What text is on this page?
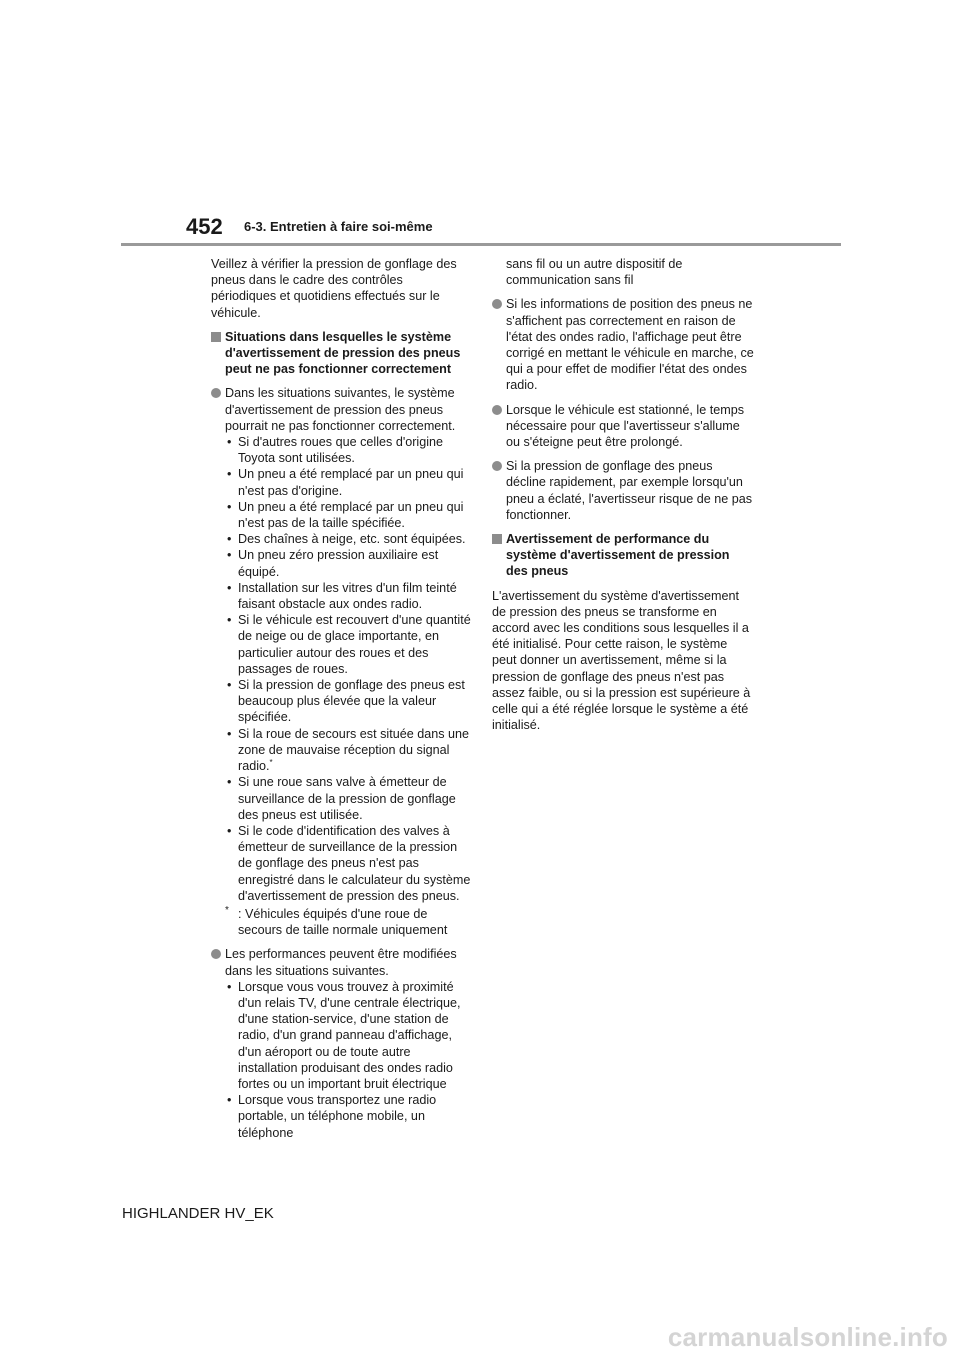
452 6-3. Entretien à faire soi-même

Veillez à vérifier la pression de gonflage des pneus dans le cadre des contrôles périodiques et quotidiens effectués sur le véhicule.

Situations dans lesquelles le système d'avertissement de pression des pneus peut ne pas fonctionner correctement

Dans les situations suivantes, le système d'avertissement de pression des pneus pourrait ne pas fonctionner correctement.

• Si d'autres roues que celles d'origine Toyota sont utilisées.
• Un pneu a été remplacé par un pneu qui n'est pas d'origine.
• Un pneu a été remplacé par un pneu qui n'est pas de la taille spécifiée.
• Des chaînes à neige, etc. sont équipées.
• Un pneu zéro pression auxiliaire est équipé.
• Installation sur les vitres d'un film teinté faisant obstacle aux ondes radio.
• Si le véhicule est recouvert d'une quantité de neige ou de glace importante, en particulier autour des roues et des passages de roues.
• Si la pression de gonflage des pneus est beaucoup plus élevée que la valeur spécifiée.
• Si la roue de secours est située dans une zone de mauvaise réception du signal radio.*
• Si une roue sans valve à émetteur de surveillance de la pression de gonflage des pneus est utilisée.
• Si le code d'identification des valves à émetteur de surveillance de la pression de gonflage des pneus n'est pas enregistré dans le calculateur du système d'avertissement de pression des pneus.
* : Véhicules équipés d'une roue de secours de taille normale uniquement

Les performances peuvent être modifiées dans les situations suivantes.

• Lorsque vous vous trouvez à proximité d'un relais TV, d'une centrale électrique, d'une station-service, d'une station de radio, d'un grand panneau d'affichage, d'un aéroport ou de toute autre installation produisant des ondes radio fortes ou un important bruit électrique
• Lorsque vous transportez une radio portable, un téléphone mobile, un téléphone

sans fil ou un autre dispositif de communication sans fil

Si les informations de position des pneus ne s'affichent pas correctement en raison de l'état des ondes radio, l'affichage peut être corrigé en mettant le véhicule en marche, ce qui a pour effet de modifier l'état des ondes radio.

Lorsque le véhicule est stationné, le temps nécessaire pour que l'avertisseur s'allume ou s'éteigne peut être prolongé.

Si la pression de gonflage des pneus décline rapidement, par exemple lorsqu'un pneu a éclaté, l'avertisseur risque de ne pas fonctionner.

Avertissement de performance du système d'avertissement de pression des pneus

L'avertissement du système d'avertissement de pression des pneus se transforme en accord avec les conditions sous lesquelles il a été initialisé. Pour cette raison, le système peut donner un avertissement, même si la pression de gonflage des pneus n'est pas assez faible, ou si la pression est supérieure à celle qui a été réglée lorsque le système a été initialisé.

HIGHLANDER HV_EK
carmanualsonline.info
